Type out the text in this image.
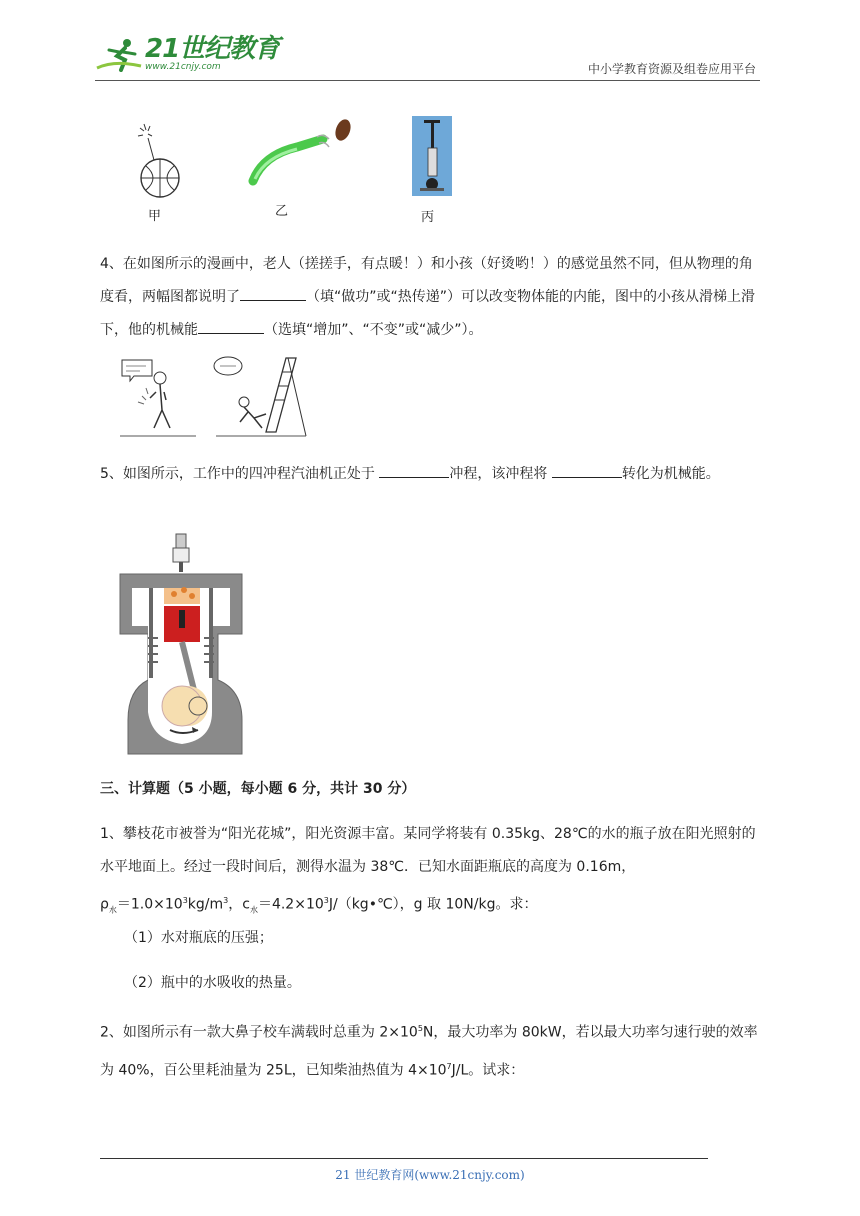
21世纪教育
www.21cnjy.com	中小学教育资源及组卷应用平台
甲	乙	丙
4、在如图所示的漫画中，老人（搓搓手，有点暖！）和小孩（好烫哟！）的感觉虽然不同，但从物理的角度看，两幅图都说明了	（填“做功”或“热传递”）可以改变物体能的内能，图中的小孩从滑梯上滑下，他的机械能	（选填“增加”、“不变”或“减少”）。
5、如图所示，工作中的四冲程汽油机正处于	冲程，该冲程将	转化为机械能。
三、计算题（5 小题，每小题 6 分，共计 30 分）
1、攀枝花市被誉为“阳光花城”，阳光资源丰富。某同学将装有 0.35kg、28℃的水的瓶子放在阳光照射的水平地面上。经过一段时间后，测得水温为 38℃．已知水面距瓶底的高度为 0.16m，
$\rho_水=1.0\times 10^3kg/m^3$，$c_水=4.2\times 10^3J/(kg•℃)$，g 取 10N/kg。求：
（1）水对瓶底的压强；
（2）瓶中的水吸收的热量。
2、如图所示有一款大鼻子校车满载时总重为 $2\times 10^5N$，最大功率为 80kW，若以最大功率匀速行驶的效率为 40%，百公里耗油量为 25L，已知柴油热值为 $4\times 10^7J/L$。试求：
21 世纪教育网(www.21cnjy.com)
